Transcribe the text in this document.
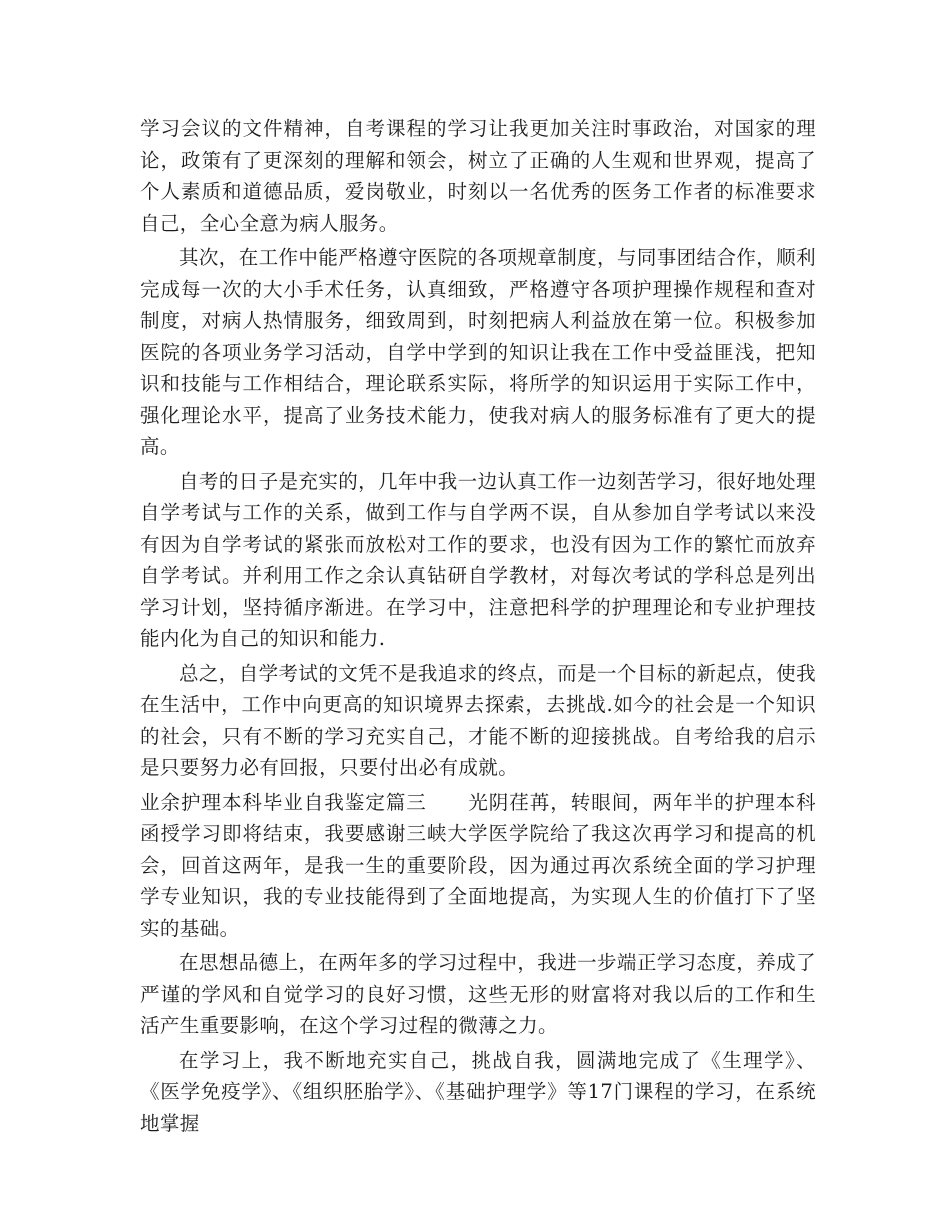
学习会议的文件精神，自考课程的学习让我更加关注时事政治，对国家的理论，政策有了更深刻的理解和领会，树立了正确的人生观和世界观，提高了个人素质和道德品质，爱岗敬业，时刻以一名优秀的医务工作者的标准要求自己，全心全意为病人服务。

其次，在工作中能严格遵守医院的各项规章制度，与同事团结合作，顺利完成每一次的大小手术任务，认真细致，严格遵守各项护理操作规程和查对制度，对病人热情服务，细致周到，时刻把病人利益放在第一位。积极参加医院的各项业务学习活动，自学中学到的知识让我在工作中受益匪浅，把知识和技能与工作相结合，理论联系实际，将所学的知识运用于实际工作中，强化理论水平，提高了业务技术能力，使我对病人的服务标准有了更大的提高。

自考的日子是充实的，几年中我一边认真工作一边刻苦学习，很好地处理自学考试与工作的关系，做到工作与自学两不误，自从参加自学考试以来没有因为自学考试的紧张而放松对工作的要求，也没有因为工作的繁忙而放弃自学考试。并利用工作之余认真钻研自学教材，对每次考试的学科总是列出学习计划，坚持循序渐进。在学习中，注意把科学的护理理论和专业护理技能内化为自己的知识和能力.

总之，自学考试的文凭不是我追求的终点，而是一个目标的新起点，使我在生活中，工作中向更高的知识境界去探索，去挑战.如今的社会是一个知识的社会，只有不断的学习充实自己，才能不断的迎接挑战。自考给我的启示是只要努力必有回报，只要付出必有成就。

业余护理本科毕业自我鉴定篇三 光阴荏苒，转眼间，两年半的护理本科函授学习即将结束，我要感谢三峡大学医学院给了我这次再学习和提高的机会，回首这两年，是我一生的重要阶段，因为通过再次系统全面的学习护理学专业知识，我的专业技能得到了全面地提高，为实现人生的价值打下了坚实的基础。

在思想品德上，在两年多的学习过程中，我进一步端正学习态度，养成了严谨的学风和自觉学习的良好习惯，这些无形的财富将对我以后的工作和生活产生重要影响，在这个学习过程的微薄之力。

在学习上，我不断地充实自己，挑战自我，圆满地完成了《生理学》、《医学免疫学》、《组织胚胎学》、《基础护理学》等17门课程的学习，在系统地掌握
